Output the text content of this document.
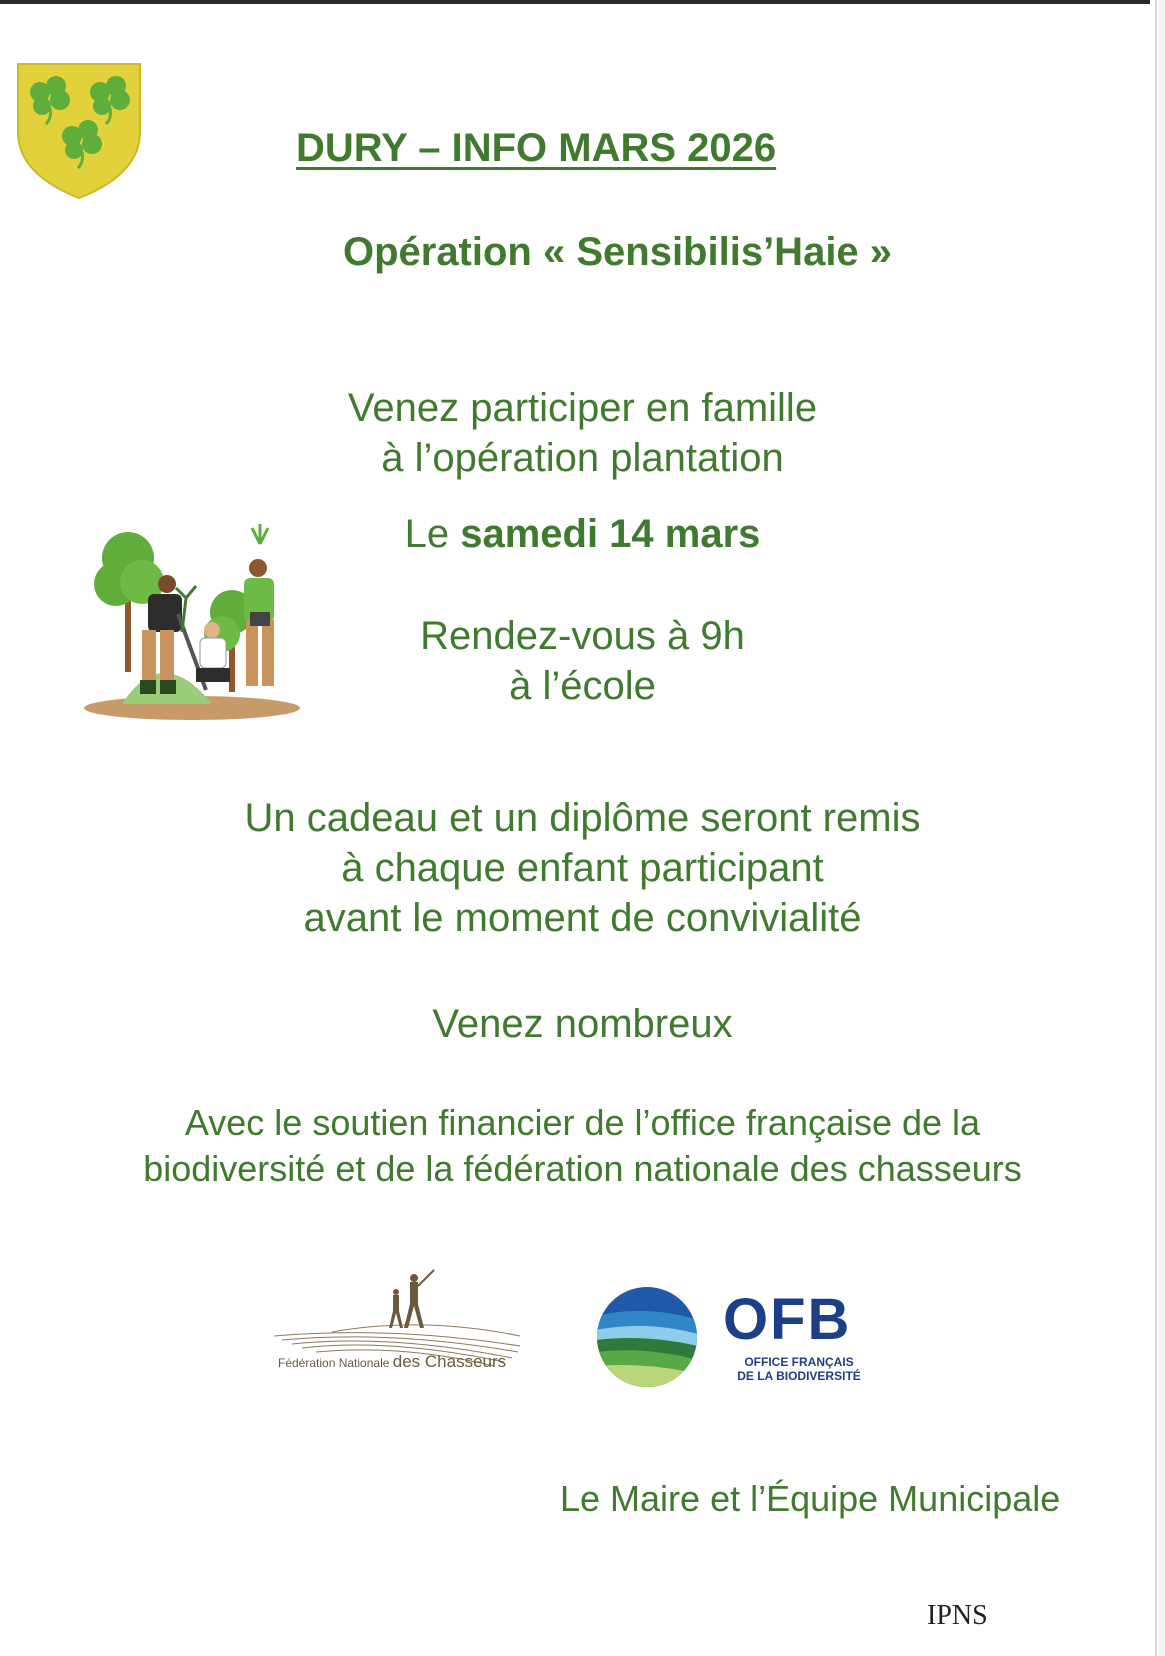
DURY – INFO MARS 2026
Opération « Sensibilis’Haie »
Venez participer en famille
à l’opération plantation
Le samedi 14 mars
Rendez-vous à 9h
à l’école
Un cadeau et un diplôme seront remis
à chaque enfant participant
avant le moment de convivialité
Venez nombreux
Avec le soutien financier de l’office française de la
biodiversité et de la fédération nationale des chasseurs
Fédération Nationale des Chasseurs
OFB
OFFICE FRANÇAIS
DE LA BIODIVERSITÉ
Le Maire et l’Équipe Municipale
IPNS
